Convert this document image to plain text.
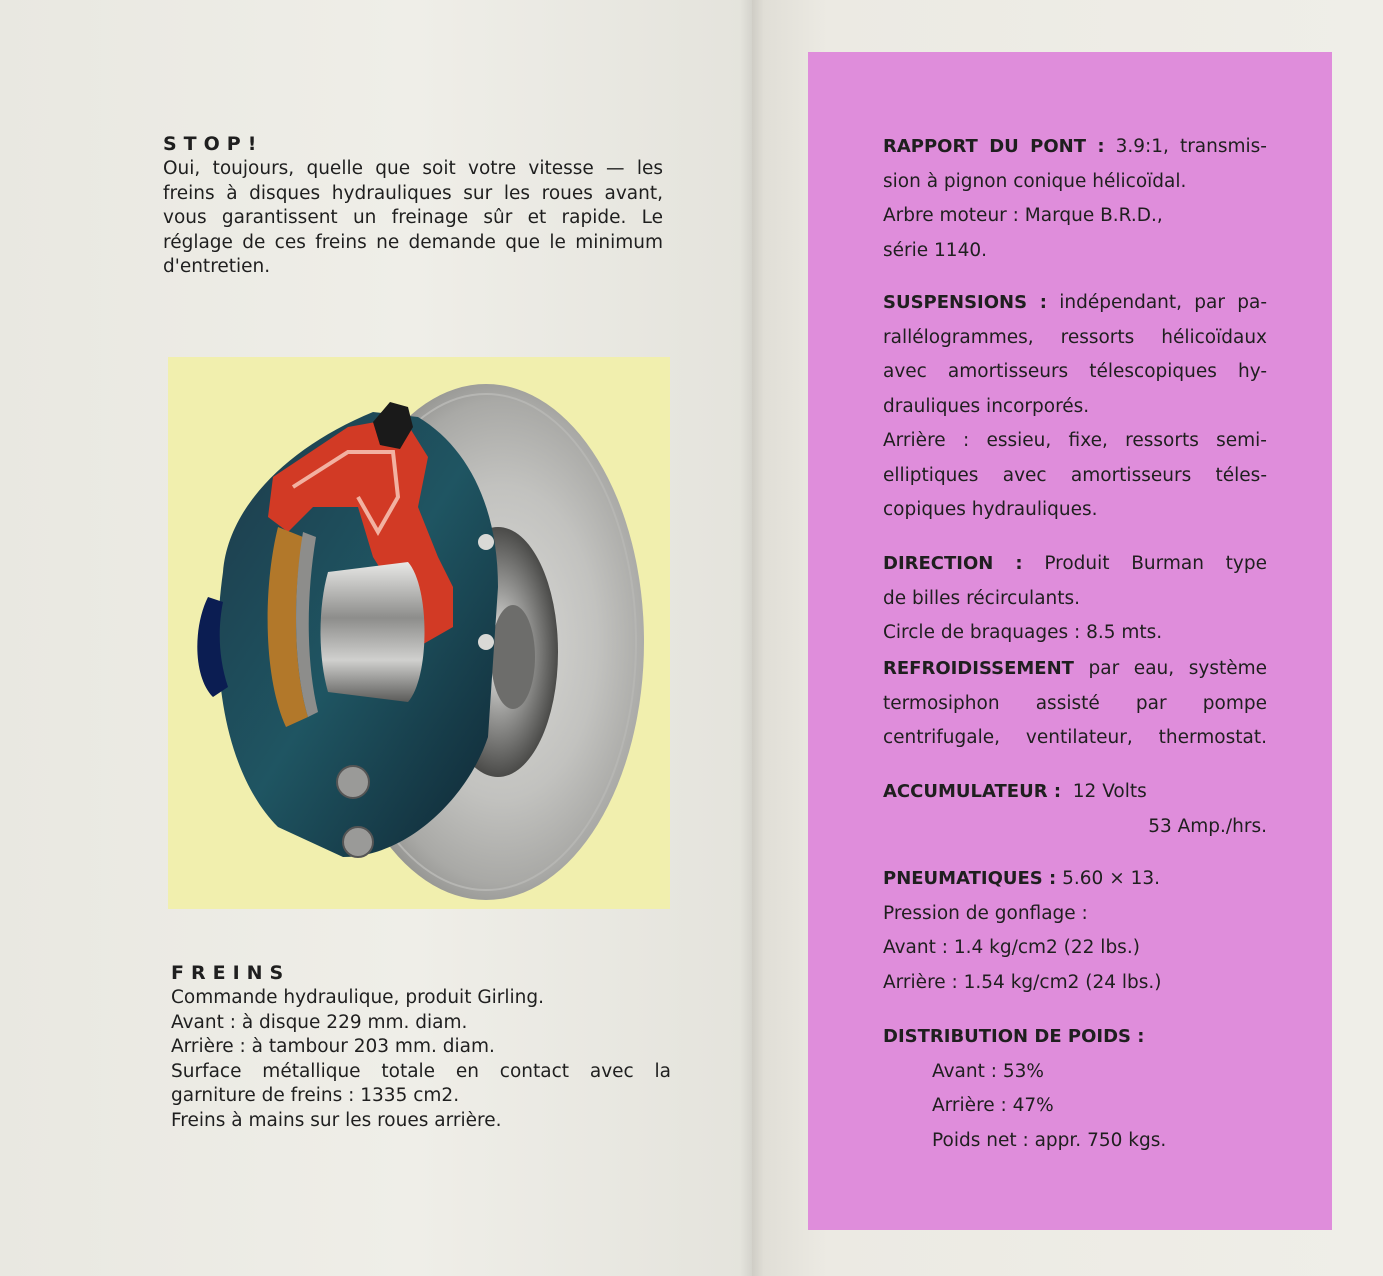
STOP!

Oui, toujours, quelle que soit votre vitesse — les freins à disques hydrauliques sur les roues avant, vous garantissent un freinage sûr et rapide. Le réglage de ces freins ne demande que le minimum d'entretien.

FREINS

Commande hydraulique, produit Girling.

Avant : à disque 229 mm. diam.

Arrière : à tambour 203 mm. diam.

Surface métallique totale en contact avec la garniture de freins : 1335 cm2.

Freins à mains sur les roues arrière.

RAPPORT DU PONT : 3.9:1, transmis-

sion à pignon conique hélicoïdal.

Arbre moteur : Marque B.R.D.,

série 1140.

SUSPENSIONS : indépendant, par pa-

rallélogrammes, ressorts hélicoïdaux

avec amortisseurs télescopiques hy-

drauliques incorporés.

Arrière : essieu, fixe, ressorts semi-

elliptiques avec amortisseurs téles-

copiques hydrauliques.

DIRECTION : Produit Burman type

de billes récirculants.

Circle de braquages : 8.5 mts.

REFROIDISSEMENT par eau, système

termosiphon assisté par pompe

centrifugale, ventilateur, thermostat.

ACCUMULATEUR : 12 Volts

53 Amp./hrs.

PNEUMATIQUES : 5.60 × 13.

Pression de gonflage :

Avant : 1.4 kg/cm2 (22 lbs.)

Arrière : 1.54 kg/cm2 (24 lbs.)

DISTRIBUTION DE POIDS :

Avant : 53%

Arrière : 47%

Poids net : appr. 750 kgs.
